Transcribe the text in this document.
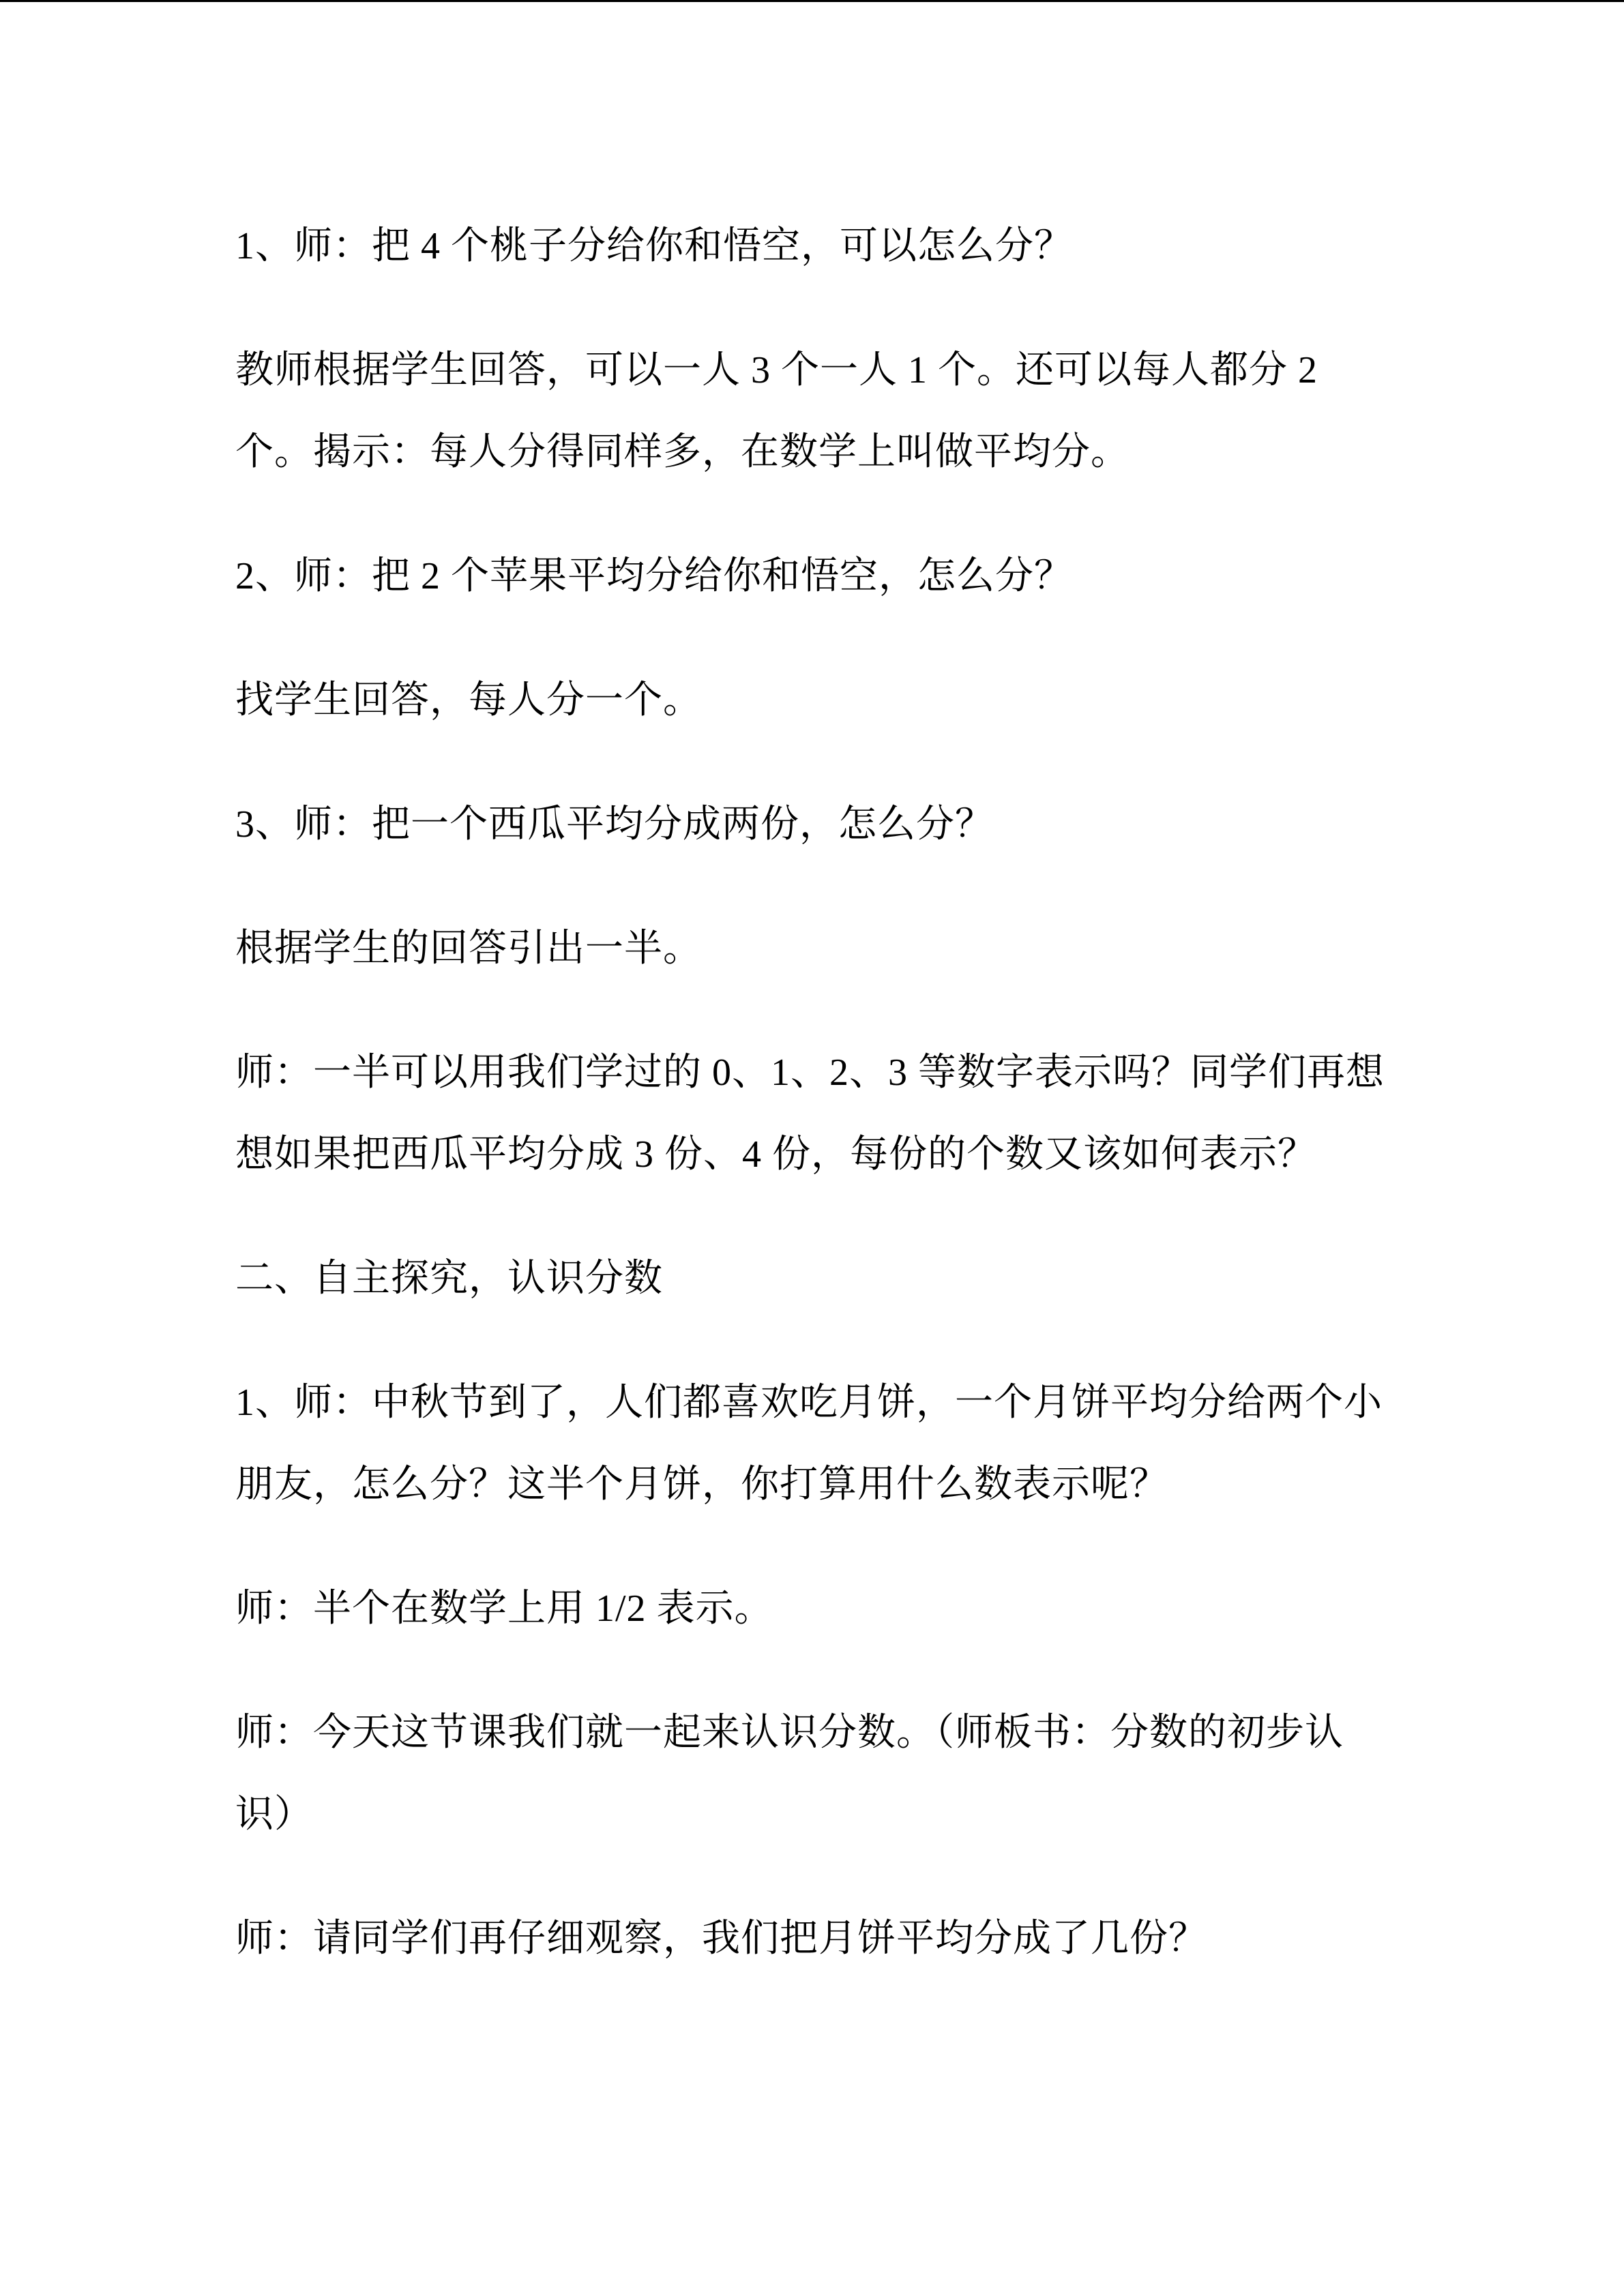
1、师：把 4 个桃子分给你和悟空，可以怎么分？
教师根据学生回答，可以一人 3 个一人 1 个。还可以每人都分 2
个。揭示：每人分得同样多，在数学上叫做平均分。
2、师：把 2 个苹果平均分给你和悟空，怎么分？
找学生回答，每人分一个。
3、师：把一个西瓜平均分成两份，怎么分？
根据学生的回答引出一半。
师：一半可以用我们学过的 0、1、2、3 等数字表示吗？同学们再想
想如果把西瓜平均分成 3 份、4 份，每份的个数又该如何表示？
二、自主探究，认识分数
1、师：中秋节到了，人们都喜欢吃月饼，一个月饼平均分给两个小
朋友，怎么分？这半个月饼，你打算用什么数表示呢？
师：半个在数学上用 1/2 表示。
师：今天这节课我们就一起来认识分数。（师板书：分数的初步认
识）
师：请同学们再仔细观察，我们把月饼平均分成了几份？
